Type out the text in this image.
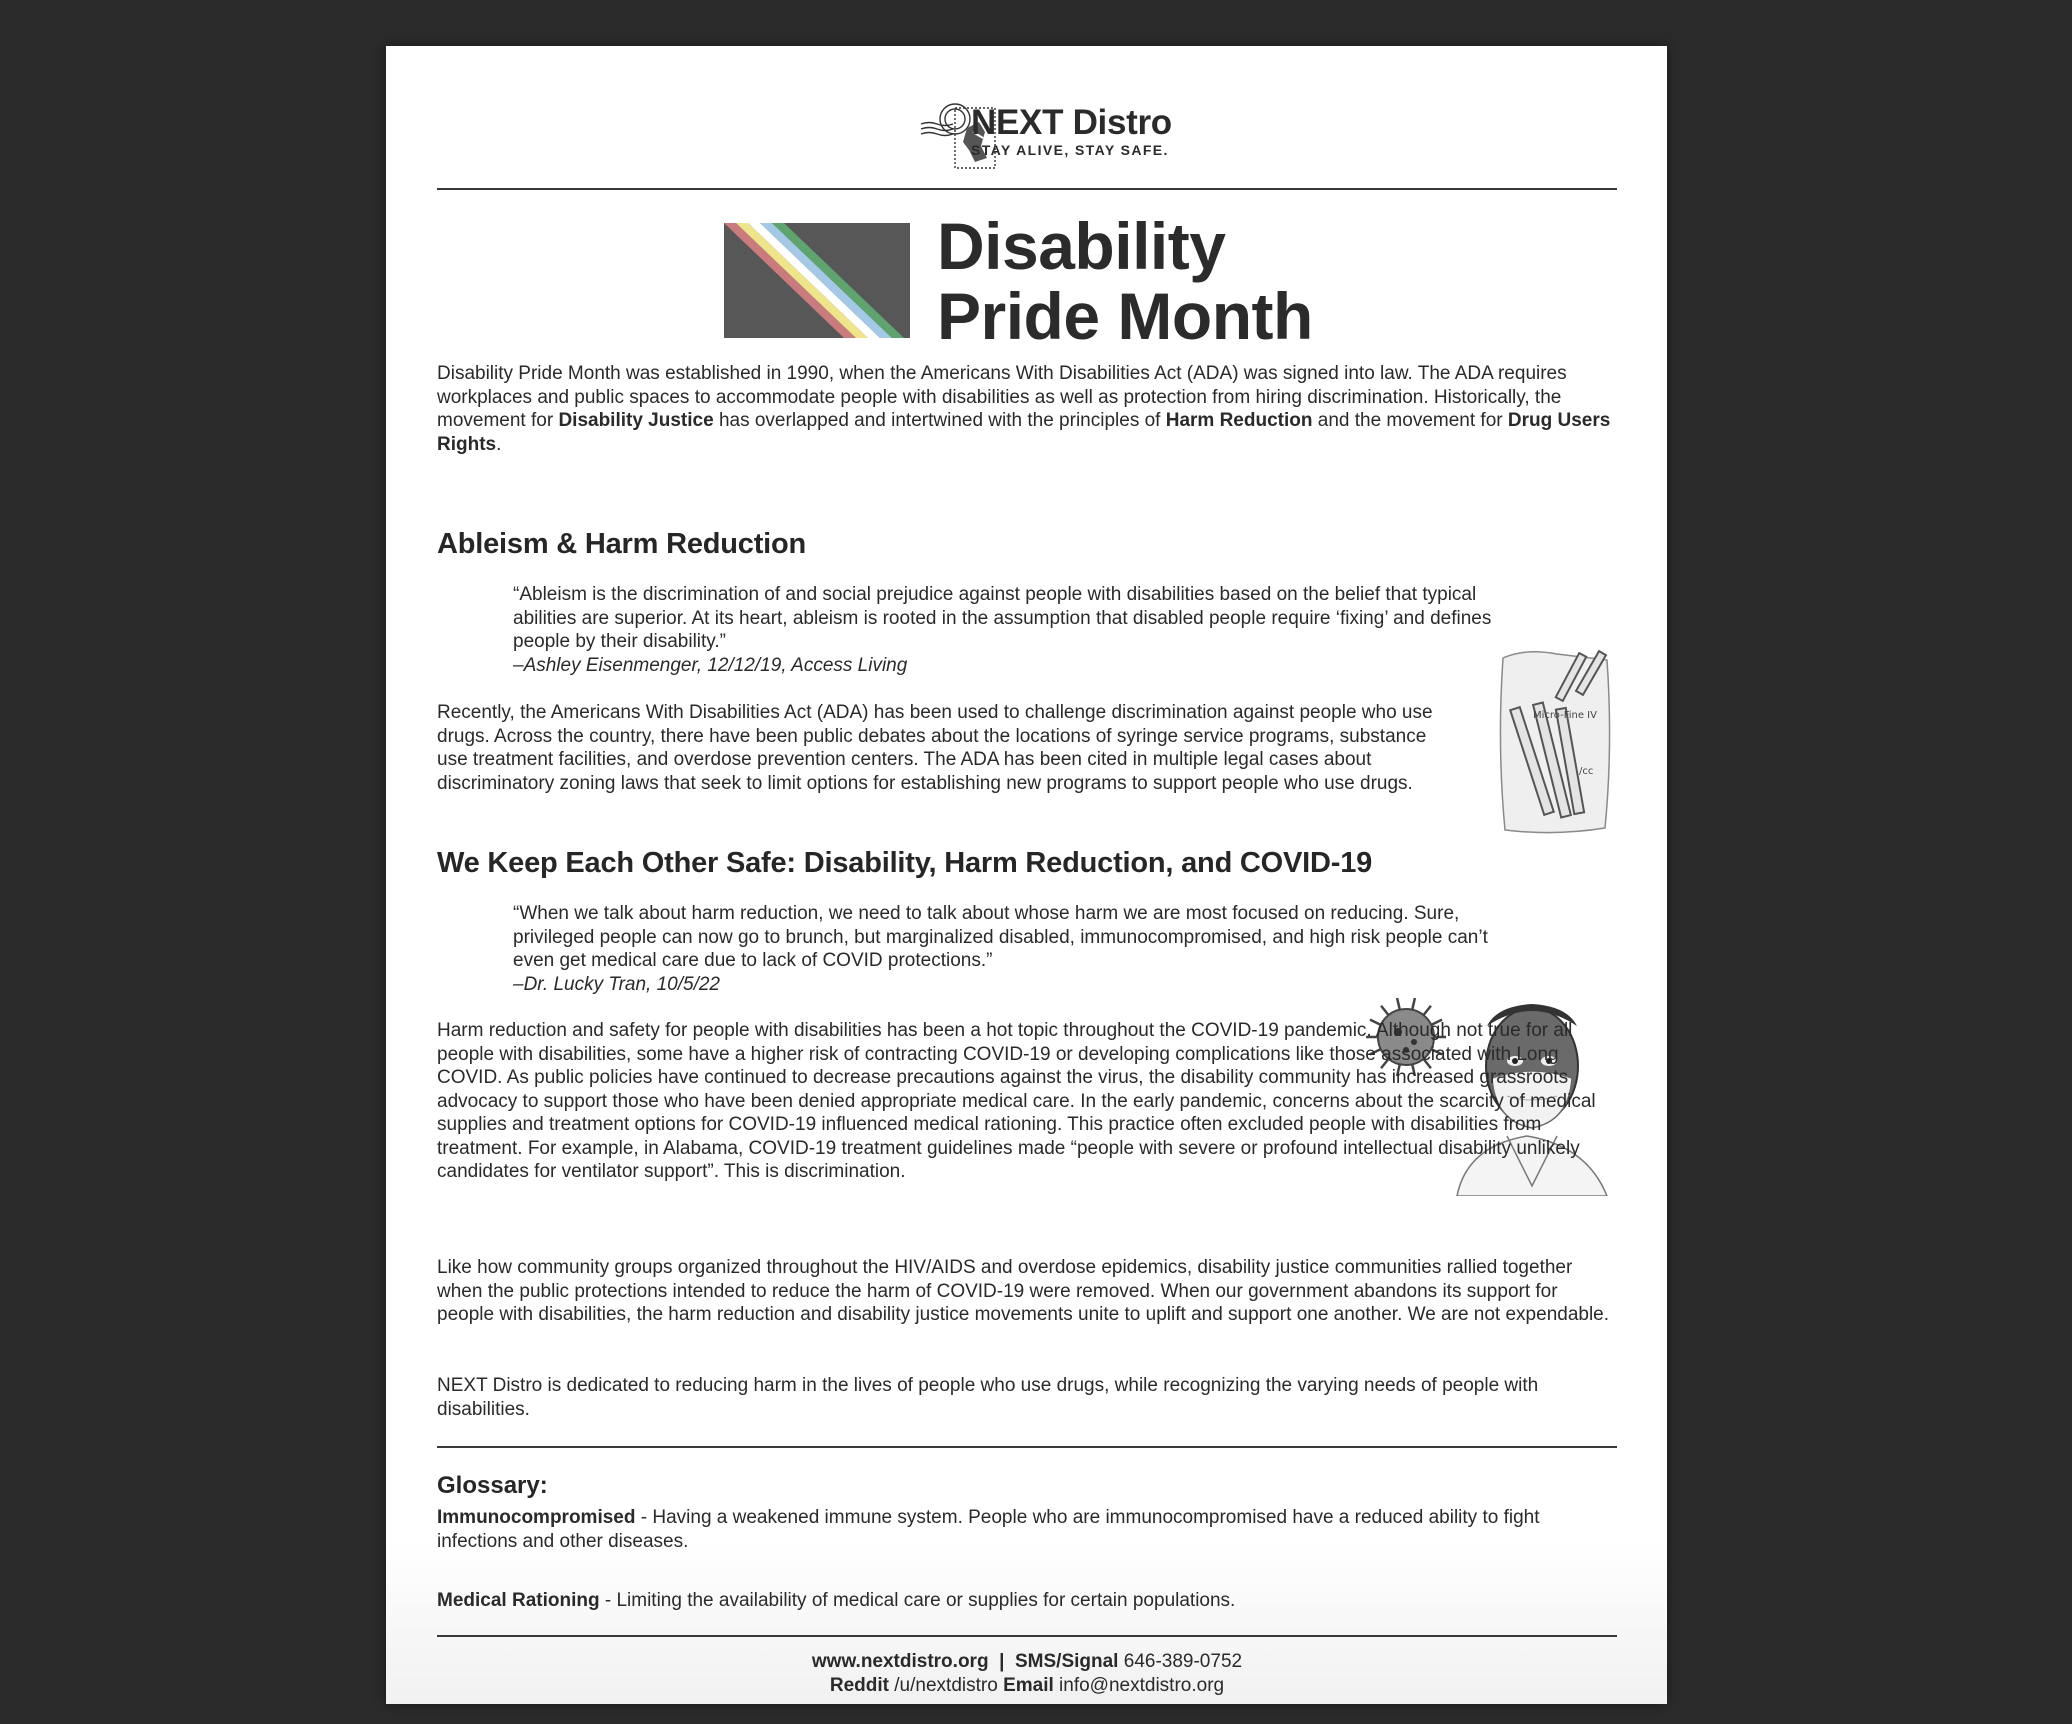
NEXT Distro
STAY ALIVE, STAY SAFE.
Disability
Pride Month

Disability Pride Month was established in 1990, when the Americans With Disabilities Act (ADA) was signed into law. The ADA requires workplaces and public spaces to accommodate people with disabilities as well as protection from hiring discrimination. Historically, the movement for Disability Justice has overlapped and intertwined with the principles of Harm Reduction and the movement for Drug Users Rights.

Ableism & Harm Reduction
“Ableism is the discrimination of and social prejudice against people with disabilities based on the belief that typical abilities are superior. At its heart, ableism is rooted in the assumption that disabled people require ‘fixing’ and defines people by their disability.”
–Ashley Eisenmenger, 12/12/19, Access Living

Recently, the Americans With Disabilities Act (ADA) has been used to challenge discrimination against people who use drugs. Across the country, there have been public debates about the locations of syringe service programs, substance use treatment facilities, and overdose prevention centers. The ADA has been cited in multiple legal cases about discriminatory zoning laws that seek to limit options for establishing new programs to support people who use drugs.

Micro-Fine IV
/cc
We Keep Each Other Safe: Disability, Harm Reduction, and COVID-19
“When we talk about harm reduction, we need to talk about whose harm we are most focused on reducing. Sure, privileged people can now go to brunch, but marginalized disabled, immunocompromised, and high risk people can’t even get medical care due to lack of COVID protections.”
–Dr. Lucky Tran, 10/5/22

Harm reduction and safety for people with disabilities has been a hot topic throughout the COVID-19 pandemic. Although not true for all people with disabilities, some have a higher risk of contracting COVID-19 or developing complications like those associated with Long COVID. As public policies have continued to decrease precautions against the virus, the disability community has increased grassroots advocacy to support those who have been denied appropriate medical care. In the early pandemic, concerns about the scarcity of medical supplies and treatment options for COVID-19 influenced medical rationing. This practice often excluded people with disabilities from treatment. For example, in Alabama, COVID-19 treatment guidelines made “people with severe or profound intellectual disability unlikely candidates for ventilator support”. This is discrimination.

Like how community groups organized throughout the HIV/AIDS and overdose epidemics, disability justice communities rallied together when the public protections intended to reduce the harm of COVID-19 were removed. When our government abandons its support for people with disabilities, the harm reduction and disability justice movements unite to uplift and support one another. We are not expendable.

NEXT Distro is dedicated to reducing harm in the lives of people who use drugs, while recognizing the varying needs of people with disabilities.

Glossary:

Immunocompromised - Having a weakened immune system. People who are immunocompromised have a reduced ability to fight infections and other diseases.

Medical Rationing - Limiting the availability of medical care or supplies for certain populations.

www.nextdistro.org | SMS/Signal 646-389-0752
Reddit /u/nextdistro Email info@nextdistro.org
